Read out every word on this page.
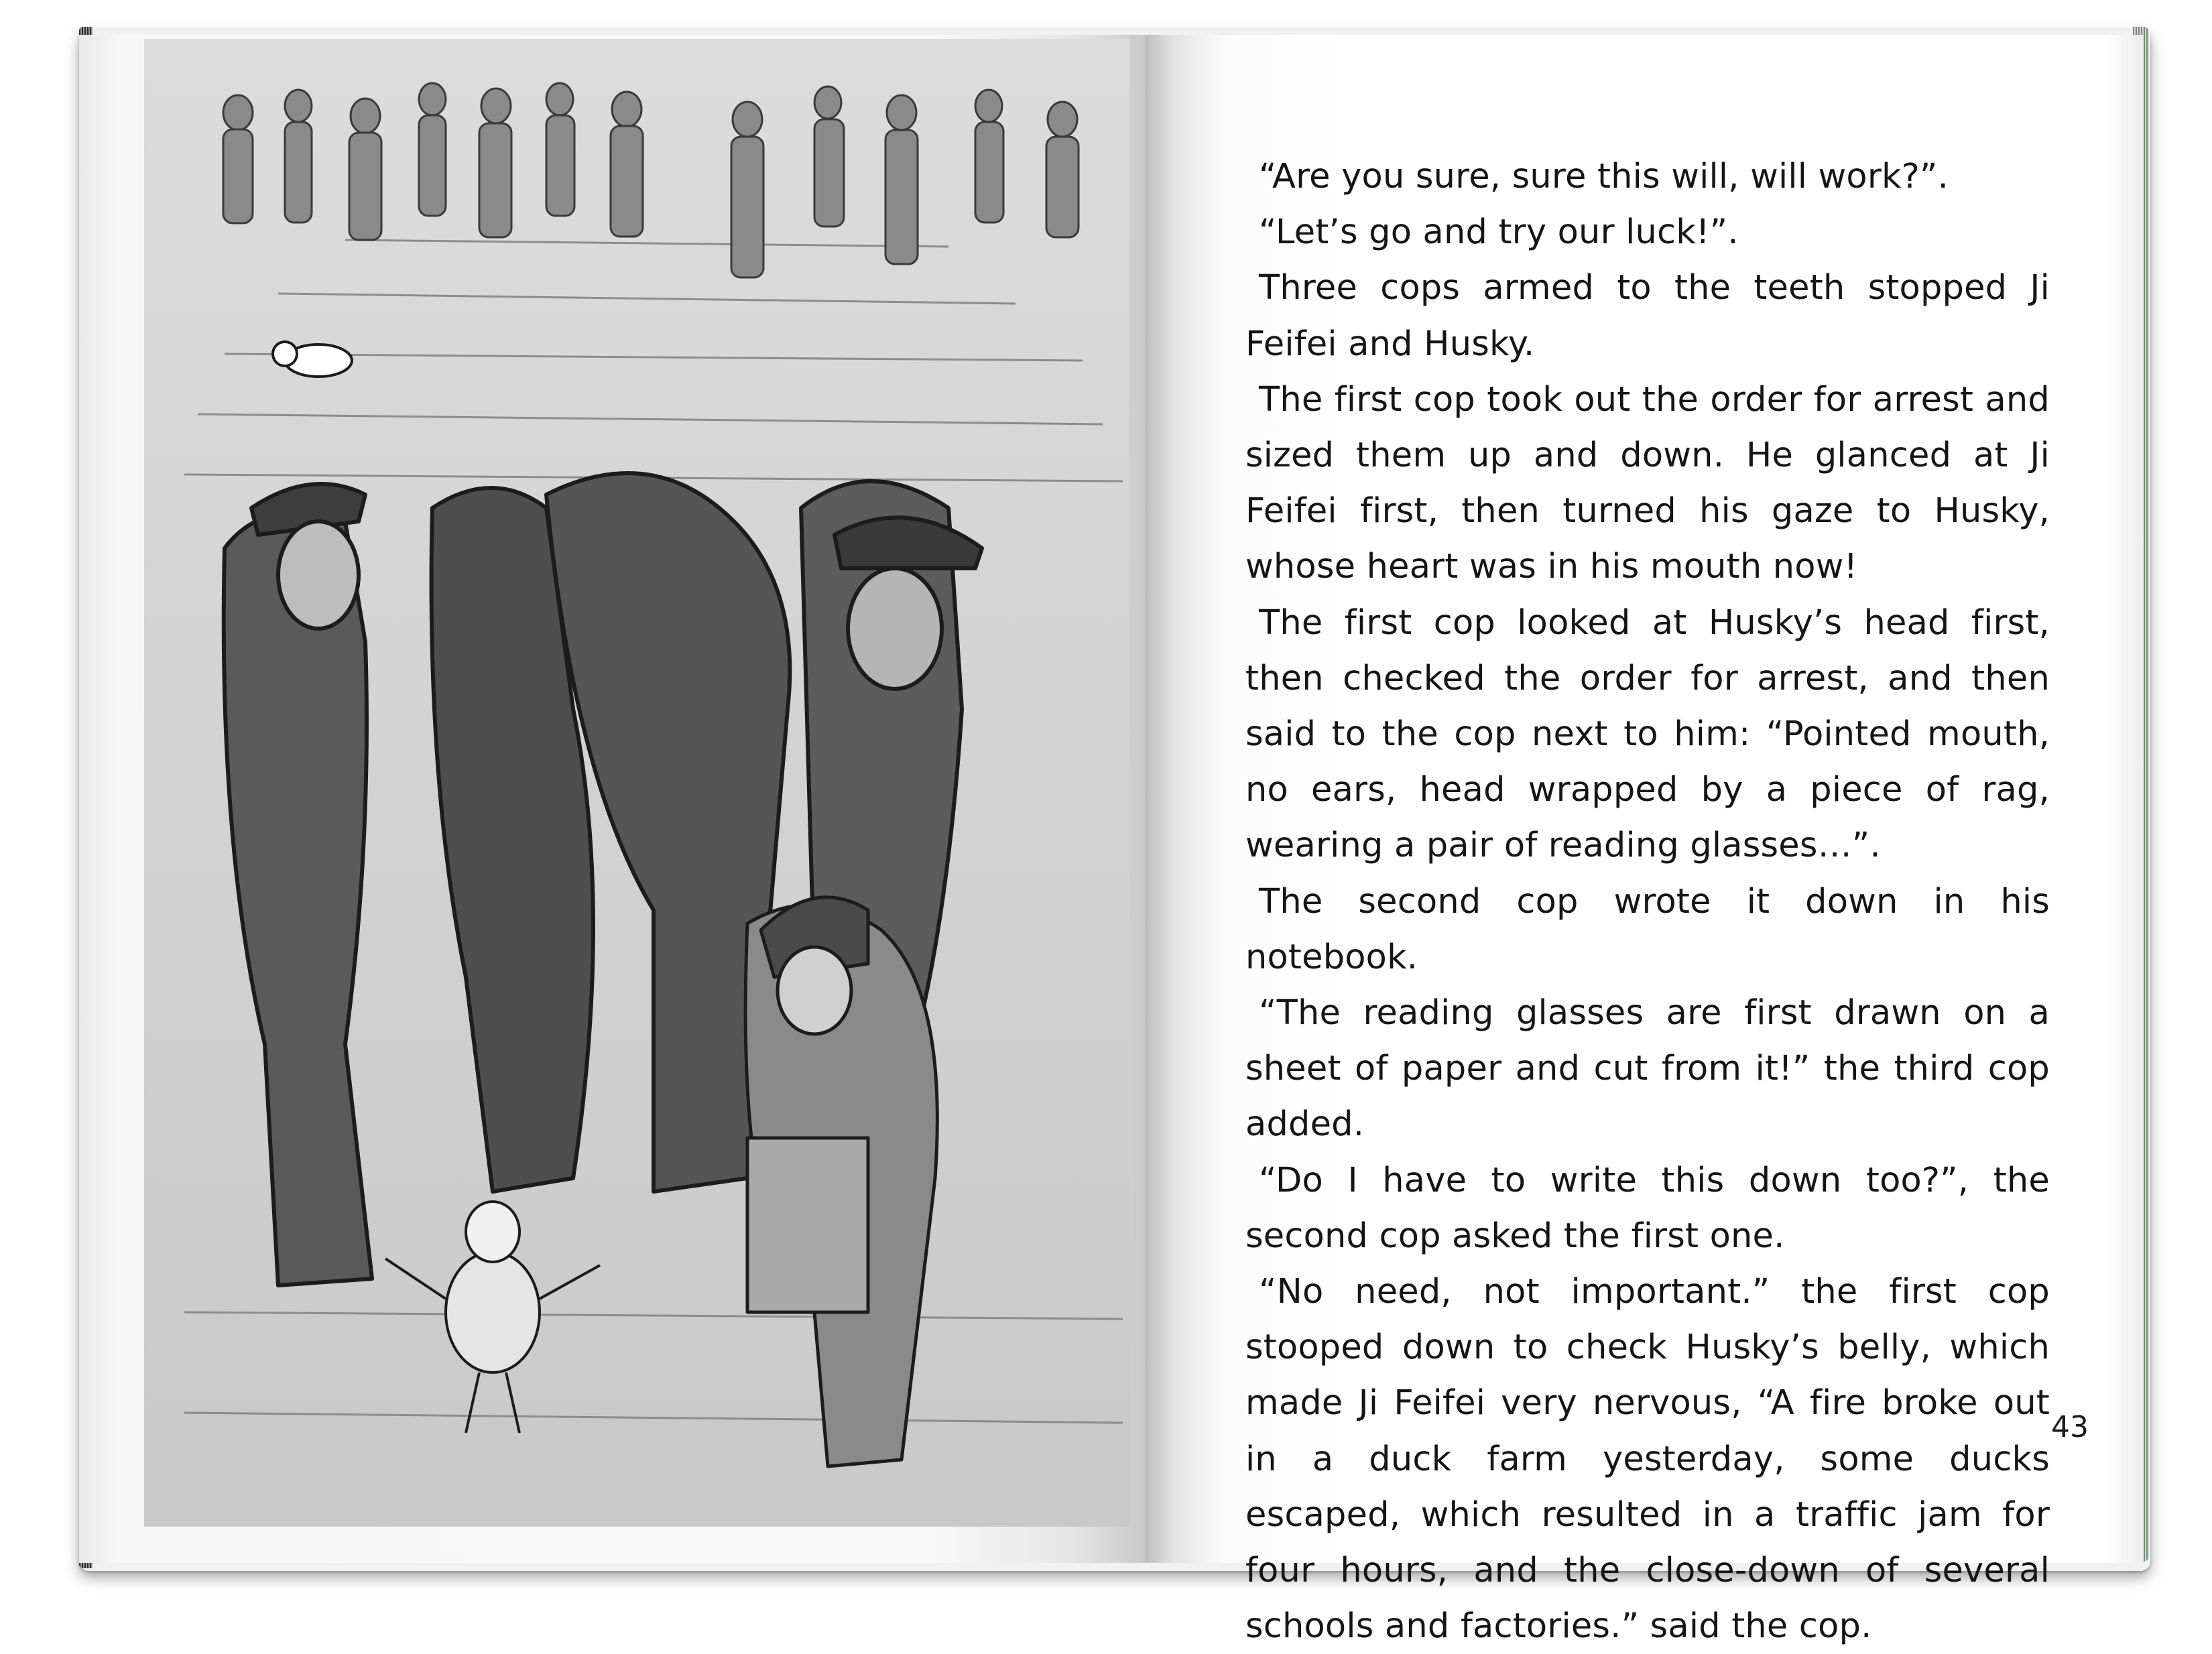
“Are you sure, sure this will, will work?”.

“Let’s go and try our luck!”.

Three cops armed to the teeth stopped Ji Feifei and Husky.

The first cop took out the order for arrest and sized them up and down. He glanced at Ji Feifei first, then turned his gaze to Husky, whose heart was in his mouth now!

The first cop looked at Husky’s head first, then checked the order for arrest, and then said to the cop next to him: “Pointed mouth, no ears, head wrapped by a piece of rag, wearing a pair of reading glasses…”.

The second cop wrote it down in his notebook.

“The reading glasses are first drawn on a sheet of paper and cut from it!” the third cop added.

“Do I have to write this down too?”, the second cop asked the first one.

“No need, not important.” the first cop stooped down to check Husky’s belly, which made Ji Feifei very nervous, “A fire broke out in a duck farm yesterday, some ducks escaped, which resulted in a traffic jam for four hours, and the close-down of several schools and factories.” said the cop.

43
